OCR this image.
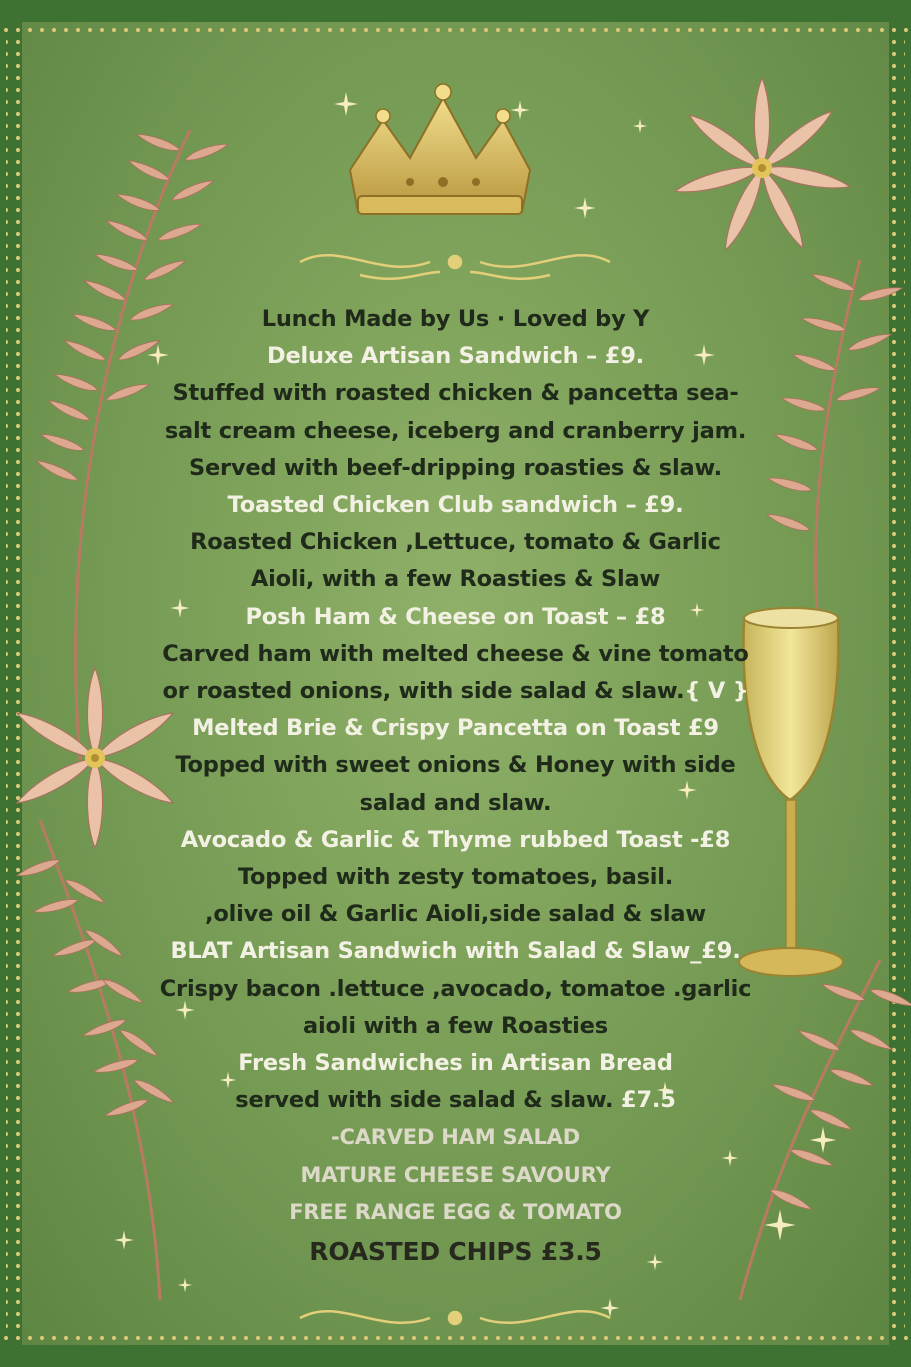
Lunch Made by Us · Loved by Y
Deluxe Artisan Sandwich – £9.
Stuffed with roasted chicken & pancetta sea-
salt cream cheese, iceberg and cranberry jam.
Served with beef-dripping roasties & slaw.
Toasted Chicken Club sandwich – £9.
Roasted Chicken ,Lettuce, tomato & Garlic
Aioli, with a few Roasties & Slaw
Posh Ham & Cheese on Toast – £8
Carved ham with melted cheese & vine tomato
or roasted onions, with side salad & slaw.{ V }
Melted Brie & Crispy Pancetta on Toast £9
Topped with sweet onions & Honey with side
salad and slaw.
Avocado & Garlic & Thyme rubbed Toast -£8
Topped with zesty tomatoes, basil.
,olive oil & Garlic Aioli,side salad & slaw
BLAT Artisan Sandwich with Salad & Slaw_£9.
Crispy bacon .lettuce ,avocado, tomatoe .garlic
aioli with a few Roasties
Fresh Sandwiches in Artisan Bread
served with side salad & slaw. £7.5
-CARVED HAM SALAD
MATURE CHEESE SAVOURY
FREE RANGE EGG & TOMATO
ROASTED CHIPS £3.5
